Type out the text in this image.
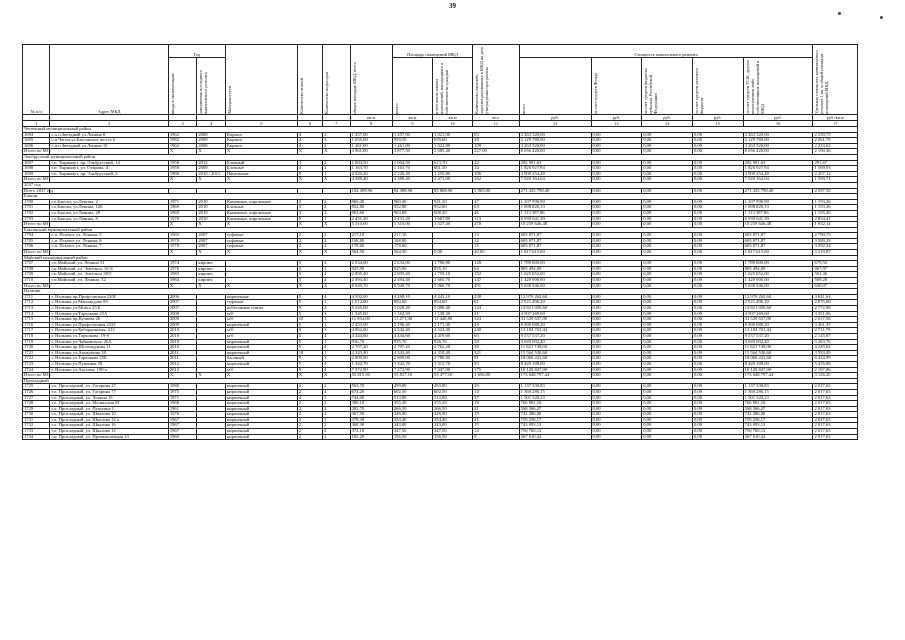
39
№ п/п	Адрес МКД	Год		Материал стен	Количество этажей	Количество подъездов	общая площадь МКД, всего	Площадь помещений МКД		Количество жителей, зарегистрированных в МКД на дату утверждения программы	Стоимость капитального ремонта					Удельная стоимость капитального ремонта 1 кв. м общей площади помещений МКД

		ввода в эксплуатацию	завершения последнего капитального ремонта					всего:	в том числе жилых помещений, находящихся в собственности граждан		всего	за счет средств Фонда	за счет средств бюджета субъекта Российской Федерации	за счет средств местного бюджета	за счет средств ТСЖ, других кооперативов либо собственников помещений в МКД	

							кв.м	кв.м	кв.м	чел.	руб.	руб.	руб.	руб.	руб.	руб./кв.м
1	2	3	4	5	6	7	8	9	10	11	12	13	14	15	16	17
Чегемский муниципальный район																
1694	с.п.п.Звездный ул.Ленина 8	1962	2008	Кирпич	4	2	1 457,00	1 457,00	1 021,00	83	3 263 320,00	0,00	0,00	0,00	3 263 320,00	2 239,75
1695	с.п.Чегем,ул.Баксанское шоссе 6	1982	2009	Кирпич	4	3	1 055,00	959,50	659,60	28	2 129 780,00	0,00	0,00	0,00	2 129 780,00	2 061,79
1696	с.п.п.Звездный ул.Ленина 10	1962	2008	Кирпич	4	2	1 461,00	1 461,00	1 024,80	109	3 263 320,00	0,00	0,00	0,00	3 263 320,00	2 233,62
Итого по МО:		X	X	X	X	X	3 961,00	3 877,50	2 685,40	227,00	8 656 420,00	0,00	0,00	0,00	8 656 420,00	2 190,36
Эльбрусский муниципальный район																
1697	г.п. Тырныауз, пр. Эльбрусский, 14	1958	2012	Блочный	3	2	1 004,50	1 004,50	613,70	22	292 981,63	0,00	0,00	0,00	292 981,63	291,67
1698	г.п. Тырныауз, ул. Отарова, 4	1959	2009	Блочные	4	2	1 163,70	1 163,70	601,50	34	1 826 927,94	0,00	0,00	0,00	1 826 927,94	1 569,93
1699	г.п. Тырныауз, пр. Эльбрусский, 2	1986	2010 / 2011	Панельные	9	1	2 220,20	2 220,20	1 255,80	106	4 900 254,48	0,00	0,00	0,00	4 900 254,48	2 207,12
Итого по МО:		X	X	X	X	X	4 388,40	4 388,40	2 471,00	162	7 020 164,04	0,00	0,00	0,00	7 020 164,04	1 599,71
2037 год																
Всего 2037 год							104 498,96	94 308,90	83 808,90	5 965,00	271 435 798,48	0,00	0,00	0,00	271 435 798,48	2 597,50
Баксан																
1700	г.о.Баксан, ул.Ленина, 2	1971	2010	Каменные, кирпичные	3	2	960,40	960,40	921,20	47	1 107 590,90	0,00	0,00	0,00	1 107 590,90	1 153,26
1701	г.о.Баксан, ул.Ленина, 126	1969	2010	Блочные	3	2	952,80	952,80	952,80	63	1 098 826,13	0,00	0,00	0,00	1 098 826,13	1 153,26
1702	г.о.Баксан, ул.Ленина, 28	1969	2010	Каменные, кирпичные	3	2	963,60	963,60	608,30	46	1 113 387,86	0,00	0,00	0,00	1 113 387,86	1 155,26
1703	г.о.Баксан, ул.Ленина, 8	1978	2010	Каменные, кирпичные	9	1	2 431,20	2 431,20	1 667,80	113	6 939 641,39	0,00	0,00	0,00	6 939 641,39	2 854,41
Итого по МО:		X	X	X	X	X	5 310,00	5 310,00	3 527,40	270	10 259 646,48	0,00	0,00	0,00	10 259 646,48	1 932,14
Баксанский муниципальный район																
1704	с.п. Псычох ул. Ленина, 5	1965	2007	туфовые	2	2	217,10	217,10		13	605 871,87	0,00	0,00	0,00	605 871,87	2 790,75
1705	с.п. Псычох ул. Ленина, 6	1970	2007	туфовые	2	2	168,80	168,80		12	605 871,87	0,00	0,00	0,00	605 871,87	3 589,29
1706	с.п. Псычох ул. Ленина, 7	1978	2007	туфовые	2	2	178,60	178,60		15	605 871,87	0,00	0,00	0,00	605 871,87	3 392,34
Итого по МО:		X	X	X	X	X	564,50	564,50	0,00	40,00	1 817 615,60	0,00	0,00	0,00	1 817 615,60	3 219,87
Майский муниципальный район																
1707	г.п.Майский, ул. Ленина 31	1974	кирпич		5	4	2 634,00	2 634,00	1 706,80	128	1 789 800,00	0,00	0,00	0,00	1 789 800,00	679,50
1708	г.п.Майский, ул. Энгельса, 61/4	1976	кирпич		3	5	925,90	925,90	835,10	64	805 494,00	0,00	0,00	0,00	805 494,00	867,97
1709	г.п.Майский, ул. Энгельса 38/5	1983	кирпич		5	4	2 895,40	2 895,40	1 759,10	152	1 625 652,00	0,00	0,00	0,00	1 625 652,00	561,46
1710	г.п.Майский, ул. Ленина, 32	1984	кирпич		5	4	2 494,40	2 494,40	1 665,70	147	1 420 000,00	0,00	0,00	0,00	1 420 000,00	569,28
Итого по МО:		X	X	X	X	X	8 949,70	8 949,70	5 966,70	491	5 638 946,00	0,00	0,00	0,00	5 638 946,00	630,07
Нальчик																
1711	г. Нальчик пр.Профсоюзная 220Г	2006		кирпичные	5	4	4 592,00	4 268,10	4 243,10	238	13 970 262,60	0,00	0,00	0,00	13 970 262,60	3 041,64
1712	г. Нальчик ул.Магомедова 89	2007		туфовые	5	1	1 012,00	894,60	894,60	61	2 921 496,20	0,00	0,00	0,00	2 921 496,20	2 876,00
1713	г. Нальчик ул.Мовсо 25 Б	2007		ж/бетонные плиты	9	2	5 345,00	5 028,40	5 008,40	124	14 821 056,60	0,00	0,00	0,00	14 821 056,60	2 772,88
1714	г. Нальчик ул.Тарчокова 25А	2008		м/б	5	3	1 345,00	1 162,30	1 138,30	21	4 507 169,60	0,00	0,00	0,00	4 507 169,60	3 351,06
1715	г. Нальчик пр.Кулиева 2Б	2009		м/б	10	1	11 954,00	11 471,30	11 440,80	324	31 529 637,00	0,00	0,00	0,00	31 529 637,00	2 637,58
1716	г. Нальчик ул.Профсоюзная 232Г	2009		кирпичный	5	3	2 453,00	2 196,40	2 171,40	44	8 490 688,20	0,00	0,00	0,00	8 490 688,20	3 461,35
1717	г. Нальчик ул.Кабардинская, 212	2010		м/б	9	3	4 862,00	4 542,40	4 522,40	240	13 184 701,44	0,00	0,00	0,00	13 184 701,44	2 711,79
1718	г. Нальчик ул.Тарчокова, 19-б	2010		м/б	5	4	4 444,60	4 444,60	4 419,60	60	9 537 537,20	0,00	0,00	0,00	9 537 537,20	2 145,87
1719	г. Нальчик ул.Чайковского 20А	2010		кирпичный	5	1	916,70	935,70	926,70	28	3 049 692,40	0,00	0,00	0,00	3 049 692,40	3 283,76
1720	г. Нальчик пр.Шогенцукова 11	2010		кирпичный	9	4	2 707,20	2 707,20	2 762,20	38	11 821 749,00	0,00	0,00	0,00	11 821 749,00	4 245,02
1721	г. Нальчик ул.Атажукина 18	2011		кирпичный	10	1	4 343,40	4 343,40	4 318,40	321	15 564 530,60	0,00	0,00	0,00	15 564 530,60	3 583,49
1722	г. Нальчик ул.Тарчокова 25Б	2011		блочный	9	3	2 809,00	2 809,00	2 780,00	81	18 060 241,60	0,00	0,00	0,00	18 060 241,60	6 434,99
1723	г. Нальчик ул.Пушкина 58	2012		кирпичный	5	4	1 342,70	1 342,70	1 312,70	93	8 449 188,00	0,00	0,00	0,00	8 449 188,00	5 476,88
1724	г. Нальчик ул.Аксоева, 190-а	2012		м/б	9	4	7 372,90	7 372,90	7 347,90	175	16 120 847,00	0,00	0,00	0,00	16 120 847,00	2 187,86
Итого по МО:		X	X	X	X	X	55 815,50	53 817,10	53 477,10	1 656,00	173 048 797,44	0,00	0,00	0,00	173 048 797,44	3 126,20
Прохладный																
1725	г.о. Прохладный, ул. Гагарина 27	1989		кирпичный	2	2	563,70	499,80	493,80	29	1 137 338,83	0,00	0,00	0,00	1 137 338,83	2 017,63
1726	г.о. Прохладный, ул. Гагарина 77	1975		кирпичный	2	4	674,20	602,50	602,50	14	1 360 286,15	0,00	0,00	0,00	1 360 286,15	2 017,63
1727	г.о. Прохладный, ул. Ленина 15	1971		кирпичный	4	3	744,00	513,80	513,80	37	1 501 520,23	0,00	0,00	0,00	1 501 520,23	2 017,63
1728	г.о. Прохладный, ул. Малинская 81	1960		кирпичный	2	2	380,10	355,20	355,20	18	766 901,16	0,00	0,00	0,00	766 901,16	2 017,63
1729	г.о. Прохладный, ул. Пушкина 1	1961		кирпичный	2	2	281,70	266,50	266,50	21	568 366,27	0,00	0,00	0,00	568 366,27	2 017,63
1730	г.о. Прохладный, ул. Шкалова 10	1976		кирпичный	2	2	367,90	346,90	346,90	19	742 286,08	0,00	0,00	0,00	742 286,08	2 017,63
1731	г.о. Прохладный, ул. Шкалова 12 а	1967		кирпичный	2	2	379,30	354,40	354,40	21	759 256,17	0,00	0,00	0,00	759 256,17	2 017,63
1732	г.о. Прохладный, ул. Шкалова 16	1967		кирпичный	2	2	368,30	343,00	343,00	15	743 093,13	0,00	0,00	0,00	743 093,13	2 017,63
1733	г.о. Прохладный, ул. Шкалова 14	1967		кирпичный	2	2	372,10	347,50	347,50	14	750 760,12	0,00	0,00	0,00	750 760,12	2 017,63
1734	г.о. Прохладный, ул. Промышленная 14	1960		кирпичный	2	2	182,20	156,50	156,50	9	367 610,42	0,00	0,00	0,00	367 610,42	2 017,63
